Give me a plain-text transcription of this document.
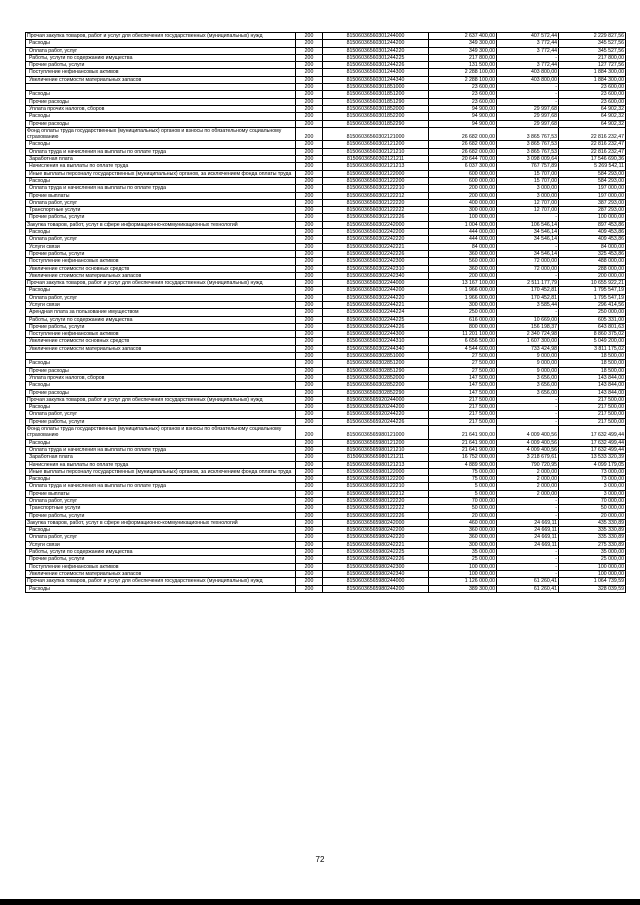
Прочая закупка товаров, работ и услуг для обеспечения государственных (муниципальных) нужд	200	81506036560301244000	2 637 400,00	407 572,44	2 229 827,56
Расходы	200	81506036560301244200	349 300,00	3 772,44	345 527,56
Оплата работ, услуг	200	81506036560301244220	349 300,00	3 772,44	345 527,56
Работы, услуги по содержанию имущества	200	81506036560301244225	217 800,00	-	217 800,00
Прочие работы, услуги	200	81506036560301244226	131 500,00	3 772,44	127 727,56
Поступление нефинансовых активов	200	81506036560301244300	2 288 100,00	403 800,00	1 884 300,00
Увеличение стоимости материальных запасов	200	81506036560301244340	2 288 100,00	403 800,00	1 884 300,00
	200	81506036560301851000	23 600,00	-	23 600,00
Расходы	200	81506036560301851200	23 600,00	-	23 600,00
Прочие расходы	200	81506036560301851290	23 600,00	-	23 600,00
Уплата прочих налогов, сборов	200	81506036560301852000	94 900,00	29 997,68	64 902,32
Расходы	200	81506036560301852200	94 900,00	29 997,68	64 902,32
Прочие расходы	200	81506036560301852290	94 900,00	29 997,68	64 902,32
Фонд оплаты труда государственных (муниципальных) органов и взносы по обязательному социальному страхованию	200	81506036560302121000	26 682 000,00	3 865 767,53	22 816 232,47
Расходы	200	81506036560302121200	26 682 000,00	3 865 767,53	22 816 232,47
Оплата труда и начисления на выплаты по оплате труда	200	81506036560302121210	26 682 000,00	3 865 767,53	22 816 232,47
Заработная плата	200	81506036560302121211	20 644 700,00	3 098 009,64	17 546 690,36
Начисления на выплаты по оплате труда	200	81506036560302121213	6 037 300,00	767 757,89	5 269 542,11
Иные выплаты персоналу государственных (муниципальных) органов, за исключением фонда оплаты труда	200	81506036560302122000	600 000,00	15 707,00	584 293,00
Расходы	200	81506036560302122200	600 000,00	15 707,00	584 293,00
Оплата труда и начисления на выплаты по оплате труда	200	81506036560302122210	200 000,00	3 000,00	197 000,00
Прочие выплаты	200	81506036560302122212	200 000,00	3 000,00	197 000,00
Оплата работ, услуг	200	81506036560302122220	400 000,00	12 707,00	387 293,00
Транспортные услуги	200	81506036560302122222	300 000,00	12 707,00	287 293,00
Прочие работы, услуги	200	81506036560302122226	100 000,00	-	100 000,00
Закупка товаров, работ, услуг в сфере информационно-коммуникационных технологий	200	81506036560302242000	1 004 000,00	106 546,14	897 453,86
Расходы	200	81506036560302242200	444 000,00	34 546,14	409 453,86
Оплата работ, услуг	200	81506036560302242220	444 000,00	34 546,14	409 453,86
Услуги связи	200	81506036560302242221	84 000,00	-	84 000,00
Прочие работы, услуги	200	81506036560302242226	360 000,00	34 546,14	325 453,86
Поступление нефинансовых активов	200	81506036560302242300	560 000,00	72 000,00	488 000,00
Увеличение стоимости основных средств	200	81506036560302242310	360 000,00	72 000,00	288 000,00
Увеличение стоимости материальных запасов	200	81506036560302242340	200 000,00	-	200 000,00
Прочая закупка товаров, работ и услуг для обеспечения государственных (муниципальных) нужд	200	81506036560302244000	13 167 100,00	2 511 177,79	10 655 922,21
Расходы	200	81506036560302244200	1 966 000,00	170 452,81	1 795 547,19
Оплата работ, услуг	200	81506036560302244220	1 966 000,00	170 452,81	1 795 547,19
Услуги связи	200	81506036560302244221	300 000,00	3 585,44	296 414,56
Арендная плата за пользование имуществом	200	81506036560302244224	250 000,00	-	250 000,00
Работы, услуги по содержанию имущества	200	81506036560302244225	616 000,00	10 669,00	605 331,00
Прочие работы, услуги	200	81506036560302244226	800 000,00	156 198,37	643 801,63
Поступление нефинансовых активов	200	81506036560302244300	11 201 100,00	2 340 724,98	8 860 375,02
Увеличение стоимости основных средств	200	81506036560302244310	6 656 500,00	1 607 300,00	5 049 200,00
Увеличение стоимости материальных запасов	200	81506036560302244340	4 544 600,00	733 424,98	3 811 175,02
	200	81506036560302851000	27 500,00	9 000,00	18 500,00
Расходы	200	81506036560302851200	27 500,00	9 000,00	18 500,00
Прочие расходы	200	81506036560302851290	27 500,00	9 000,00	18 500,00
Уплата прочих налогов, сборов	200	81506036560302852000	147 500,00	3 656,00	143 844,00
Расходы	200	81506036560302852200	147 500,00	3 656,00	143 844,00
Прочие расходы	200	81506036560302852290	147 500,00	3 656,00	143 844,00
Прочая закупка товаров, работ и услуг для обеспечения государственных (муниципальных) нужд	200	81506036565920244000	217 500,00	-	217 500,00
Расходы	200	81506036565920244200	217 500,00	-	217 500,00
Оплата работ, услуг	200	81506036565920244220	217 500,00	-	217 500,00
Прочие работы, услуги	200	81506036565920244226	217 500,00	-	217 500,00
Фонд оплаты труда государственных (муниципальных) органов и взносы по обязательному социальному страхованию	200	81506036565980121000	21 641 900,00	4 009 400,56	17 632 499,44
Расходы	200	81506036565980121200	21 641 900,00	4 009 400,56	17 632 499,44
Оплата труда и начисления на выплаты по оплате труда	200	81506036565980121210	21 641 900,00	4 009 400,56	17 632 499,44
Заработная плата	200	81506036565980121211	16 752 000,00	3 218 679,61	13 533 320,39
Начисления на выплаты по оплате труда	200	81506036565980121213	4 889 900,00	790 720,95	4 099 179,05
Иные выплаты персоналу государственных (муниципальных) органов, за исключением фонда оплаты труда	200	81506036565980122000	75 000,00	2 000,00	73 000,00
Расходы	200	81506036565980122200	75 000,00	2 000,00	73 000,00
Оплата труда и начисления на выплаты по оплате труда	200	81506036565980122210	5 000,00	2 000,00	3 000,00
Прочие выплаты	200	81506036565980122212	5 000,00	2 000,00	3 000,00
Оплата работ, услуг	200	81506036565980122220	70 000,00	-	70 000,00
Транспортные услуги	200	81506036565980122222	50 000,00	-	50 000,00
Прочие работы, услуги	200	81506036565980122226	20 000,00	-	20 000,00
Закупка товаров, работ, услуг в сфере информационно-коммуникационных технологий	200	81506036565980242000	460 000,00	24 669,11	435 330,89
Расходы	200	81506036565980242200	360 000,00	24 669,11	335 330,89
Оплата работ, услуг	200	81506036565980242220	360 000,00	24 669,11	335 330,89
Услуги связи	200	81506036565980242221	300 000,00	24 669,11	275 330,89
Работы, услуги по содержанию имущества	200	81506036565980242225	35 000,00	-	35 000,00
Прочие работы, услуги	200	81506036565980242226	25 000,00	-	25 000,00
Поступление нефинансовых активов	200	81506036565980242300	100 000,00	-	100 000,00
Увеличение стоимости материальных запасов	200	81506036565980242340	100 000,00	-	100 000,00
Прочая закупка товаров, работ и услуг для обеспечения государственных (муниципальных) нужд	200	81506036565980244000	1 126 000,00	61 260,41	1 064 739,59
Расходы	200	81506036565980244200	389 300,00	61 260,41	328 039,59
72
